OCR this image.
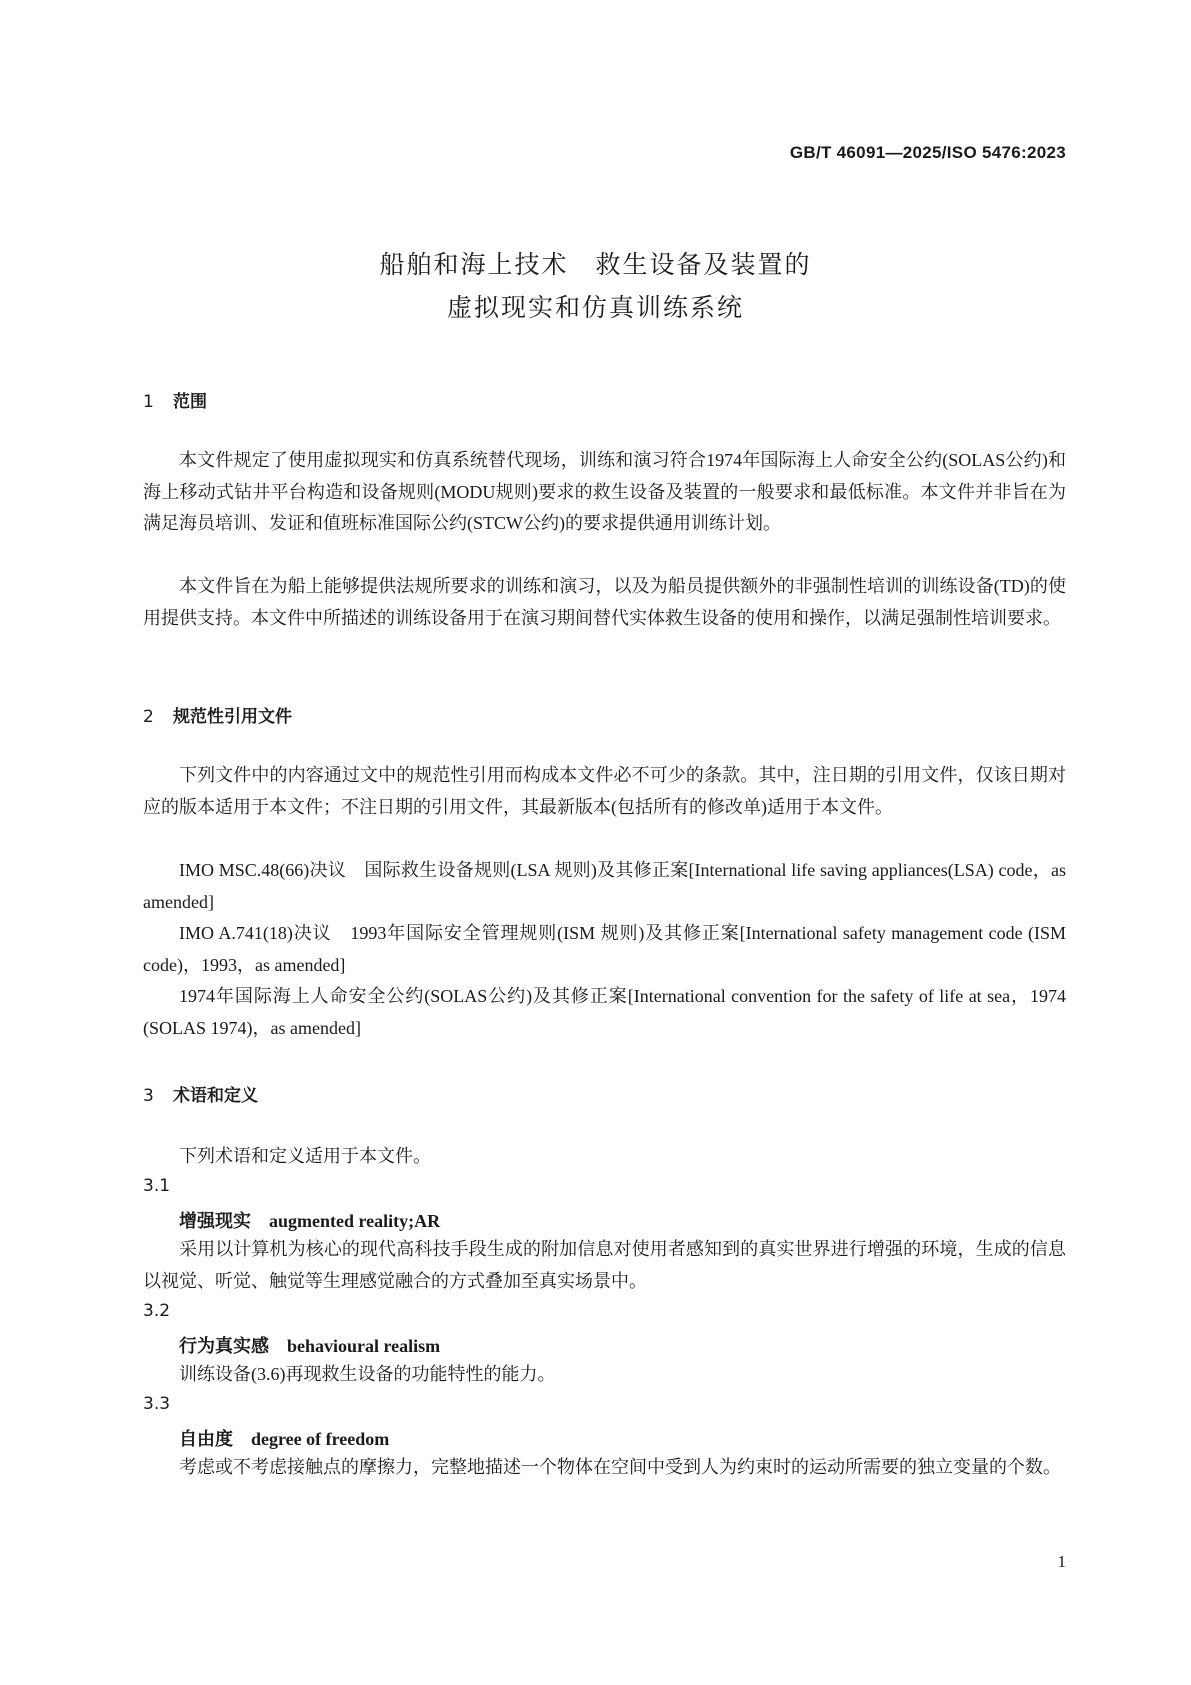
GB/T 46091—2025/ISO 5476:2023
船舶和海上技术　救生设备及装置的
虚拟现实和仿真训练系统
1 范围
本文件规定了使用虚拟现实和仿真系统替代现场，训练和演习符合1974年国际海上人命安全公约(SOLAS公约)和海上移动式钻井平台构造和设备规则(MODU规则)要求的救生设备及装置的一般要求和最低标准。本文件并非旨在为满足海员培训、发证和值班标准国际公约(STCW公约)的要求提供通用训练计划。
本文件旨在为船上能够提供法规所要求的训练和演习，以及为船员提供额外的非强制性培训的训练设备(TD)的使用提供支持。本文件中所描述的训练设备用于在演习期间替代实体救生设备的使用和操作，以满足强制性培训要求。
2 规范性引用文件
下列文件中的内容通过文中的规范性引用而构成本文件必不可少的条款。其中，注日期的引用文件，仅该日期对应的版本适用于本文件；不注日期的引用文件，其最新版本(包括所有的修改单)适用于本文件。
IMO MSC.48(66)决议　国际救生设备规则(LSA 规则)及其修正案[International life saving appliances(LSA) code，as amended]
IMO A.741(18)决议　1993年国际安全管理规则(ISM 规则)及其修正案[International safety management code (ISM code)，1993，as amended]
1974年国际海上人命安全公约(SOLAS公约)及其修正案[International convention for the safety of life at sea，1974 (SOLAS 1974)，as amended]
3 术语和定义
下列术语和定义适用于本文件。
3.1
增强现实 augmented reality;AR
采用以计算机为核心的现代高科技手段生成的附加信息对使用者感知到的真实世界进行增强的环境，生成的信息以视觉、听觉、触觉等生理感觉融合的方式叠加至真实场景中。
3.2
行为真实感 behavioural realism
训练设备(3.6)再现救生设备的功能特性的能力。
3.3
自由度 degree of freedom
考虑或不考虑接触点的摩擦力，完整地描述一个物体在空间中受到人为约束时的运动所需要的独立变量的个数。
1
